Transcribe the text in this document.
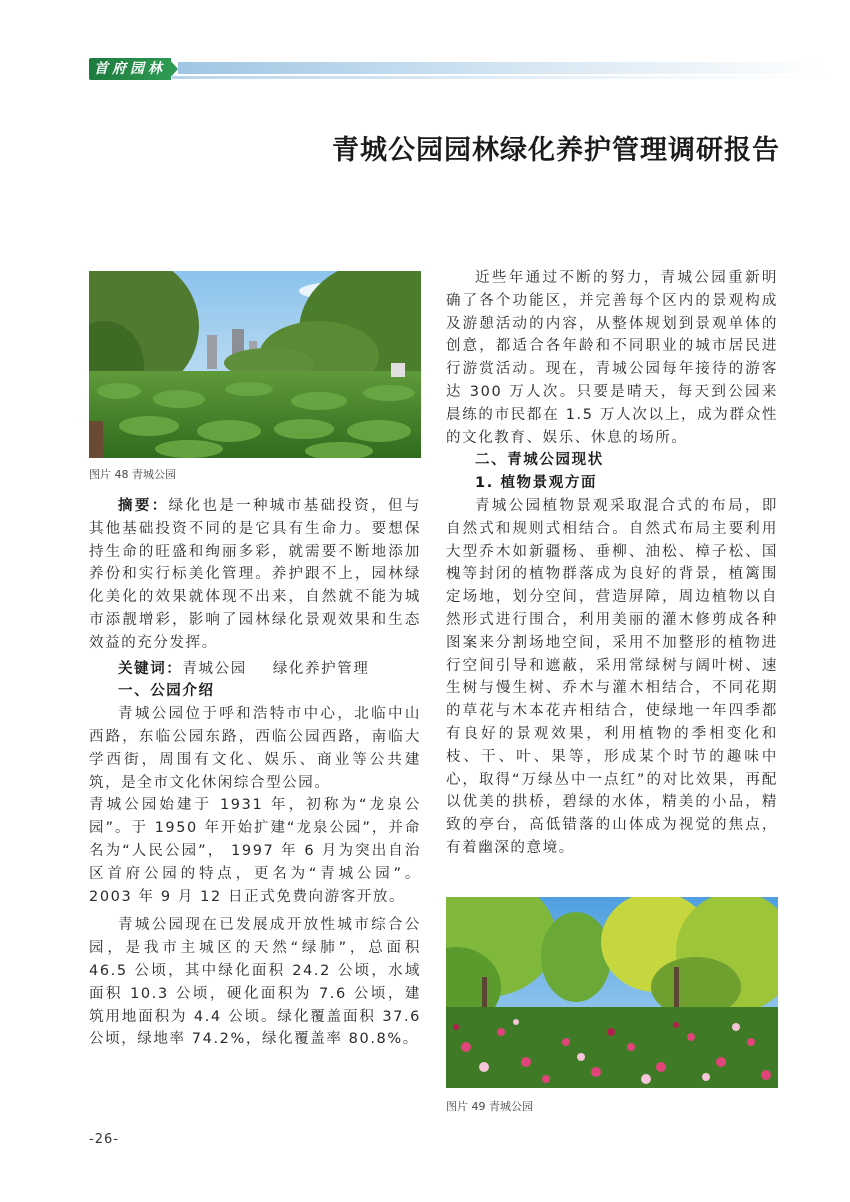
首府园林
青城公园园林绿化养护管理调研报告
图片 48 青城公园

摘要：绿化也是一种城市基础投资，但与其他基础投资不同的是它具有生命力。要想保持生命的旺盛和绚丽多彩，就需要不断地添加养份和实行标美化管理。养护跟不上，园林绿化美化的效果就体现不出来，自然就不能为城市添靓增彩，影响了园林绿化景观效果和生态效益的充分发挥。

关键词：青城公园 绿化养护管理

一、公园介绍

青城公园位于呼和浩特市中心，北临中山西路，东临公园东路，西临公园西路，南临大学西街，周围有文化、娱乐、商业等公共建筑，是全市文化休闲综合型公园。

青城公园始建于 1931 年，初称为“龙泉公园”。于 1950 年开始扩建“龙泉公园”，并命名为“人民公园”， 1997 年 6 月为突出自治区首府公园的特点，更名为“青城公园”。2003 年 9 月 12 日正式免费向游客开放。

青城公园现在已发展成开放性城市综合公园，是我市主城区的天然“绿肺”，总面积 46.5 公顷，其中绿化面积 24.2 公顷，水域面积 10.3 公顷，硬化面积为 7.6 公顷，建筑用地面积为 4.4 公顷。绿化覆盖面积 37.6 公顷，绿地率 74.2%，绿化覆盖率 80.8%。

近些年通过不断的努力，青城公园重新明确了各个功能区，并完善每个区内的景观构成及游憩活动的内容，从整体规划到景观单体的创意，都适合各年龄和不同职业的城市居民进行游赏活动。现在，青城公园每年接待的游客达 300 万人次。只要是晴天，每天到公园来晨练的市民都在 1.5 万人次以上，成为群众性的文化教育、娱乐、休息的场所。

二、青城公园现状

1. 植物景观方面

青城公园植物景观采取混合式的布局，即自然式和规则式相结合。自然式布局主要利用大型乔木如新疆杨、垂柳、油松、樟子松、国槐等封闭的植物群落成为良好的背景，植篱围定场地，划分空间，营造屏障，周边植物以自然形式进行围合，利用美丽的灌木修剪成各种图案来分割场地空间，采用不加整形的植物进行空间引导和遮蔽，采用常绿树与阔叶树、速生树与慢生树、乔木与灌木相结合，不同花期的草花与木本花卉相结合，使绿地一年四季都有良好的景观效果，利用植物的季相变化和枝、干、叶、果等，形成某个时节的趣味中心，取得“万绿丛中一点红”的对比效果，再配以优美的拱桥，碧绿的水体，精美的小品，精致的亭台，高低错落的山体成为视觉的焦点，有着幽深的意境。

图片 49 青城公园
-26-
